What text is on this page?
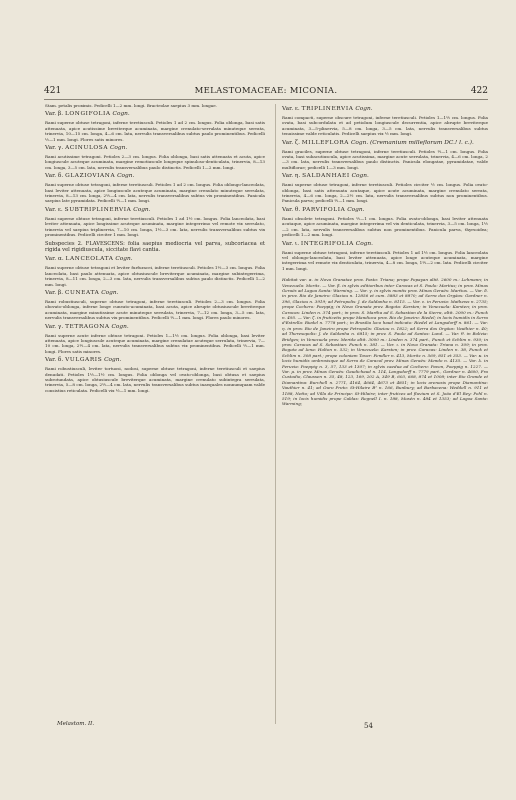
421	MELASTOMACEAE: MICONIA.	422

Stam. petalis proximis. Pedicelli 1—2 mm. longi. Bracteolae saepius 3 mm. longae.

Var. β. LONGIFOLIA Cogn.

Rami superne obtuse tetragoni, inferne teretiusculi. Petioles 1 ad 2 cm. longus. Folia oblonga, basi satis attenuata, apice acutissime breviterque acuminata, margine crenulato-serrulata minuteque serrata, trinervia, 10—15 cm. longa, 4—6 cm. lata, nervulis transversalibus subtus paulo prominentibus. Pedicelli ½—1 mm. longi. Flores satis minores.

Var. γ. ACINULOSA Cogn.

Rami acutissime tetragoni. Petioles 2—3 cm. longus. Folia oblonga, basi satis attenuata et acuta, apice longiuscule acuteque acuminata, margine remotiuscule longeque spinuloso-denticulata, trinervia, 8—13 cm. longa, 3—5 cm. lata, nervulis transversalibus paulo distinctis. Pedicelli 1—2 mm. longi.

Var. δ. GLAZIOVIANA Cogn.

Rami superne obtuse tetragoni, inferne teretiusculi. Petioles 1 ad 2 cm. longus. Folia oblongo-lanceolata, basi leviter attenuata, apice longiuscule acuteque acuminata, margine crenulato minuteque serrulata, trinervia, 8—13 cm. longa, 2½—4 cm. lata, nervulis transversalibus subtus vix prominentibus. Panicula saepius late pyramidata. Pedicelli ½—1 mm. longi.

Var. ε. SUBTRIPLINERVIA Cogn.

Rami superne obtuse tetragoni, inferne teretiusculi. Petioles 1 ad 1½ cm. longus. Folia lanceolata, basi leviter attenuata, apice longissime acuteque acuminata, margine integerrimo vel remote vix serrulato, trinervia vel saepius triplinervia, 7—10 cm. longa, 1½—3 cm. lata, nervulis transversalibus subtus vix prominentibus. Pedicelli circiter 1 mm. longi.

Subspecies 2. FLAVESCENS: folia saepius mediocria vel parva, subcoriacea et rigida vel rigidiuscula, siccitate flavi cantia.

Var. α. LANCEOLATA Cogn.

Rami superne obtuse tetragoni et leviter furfuracei, inferne teretiusculi. Petioles 1½—3 cm. longus. Folia lanceolata, basi paulo attenuata, apice obtusiuscule breviterque acuminata, margine subintegerrima, trinervia, 8—11 cm. longa, 2—3 cm. lata, nervulis transversalibus subtus paulo distinctis. Pedicelli 1—2 mm. longi.

Var. β. CUNEATA Cogn.

Rami robustiusculi, superne obtuse tetragoni, inferne teretiusculi. Petioles 2—3 cm. longus. Folia obovato-oblonga, inferne longe cuneato-acuminata, basi acuta, apice abrupte obtusiuscule breviterque acuminata, margine minutissime acute minuteque serrulata, trinervia, 7—12 cm. longa, 3—5 cm. lata, nervulis transversalibus subtus vix prominentibus. Pedicelli ½—1 mm. longi. Flores paulo minores.

Var. γ. TETRAGONA Cogn.

Rami superne acute inferne obtuse tetragoni. Petioles 1—1½ cm. longus. Folia oblonga, basi leviter attenuata, apice longiuscule acuteque acuminata, margine crenulatae acuteque serrulata, trinervia, 7—10 cm. longa, 2½—4 cm. lata, nervulis transversalibus subtus vix prominentibus. Pedicelli ½—1 mm. longi. Flores satis minores.

Var. δ. VULGARIS Cogn.

Rami robustiusculi, leviter tortuosi, nodosi, superne obtuse tetragoni, inferne teretiusculi et saepius denudati. Petioles 1½—1½ cm. longus. Folia oblonga vel ovato-oblonga, basi obtusa et saepius subrotundata, apice obtusiuscule breviterque acuminata, margine crenulato subintegra serrulata, trinervia, 5—8 cm. longa, 2½—4 cm. lata, nervulis transversalibus subtus inaequales nonnumquam valde consistius reticulata. Pedicelli vix ½—1 mm. longi.

Var. ε. TRIPLINERVIA Cogn.

Rami compacti, superne obscure tetragoni, inferne teretiusculi. Petioles 1—1½ cm. longus. Folia ovata, basi subcordulata et ad petiolum longiuscule decurrentia, apice abrupte breviterque acuminata, 3—5-plinervia, 5—8 cm. longa, 3—5 cm. lata, nervulis transversalibus subtus tenuissime valde reticulatis. Pedicelli saepius vix ½ mm. longi.

Var. ζ. MILLEFLORA Cogn. (Cremanium milleflorum DC.! l. c.).

Rami graciles, superne obtuse tetragoni, inferne teretiusculi. Petioles ½—1 cm. longus. Folia ovata, basi subacutiuscula, apice acutissima, margine acute serrulata, trinervia, 4—6 cm. longa, 2—3 cm. lata, nervulis transversalibus paulo distinctis. Panicula elongatae, pyramidatae, valde multiflorae; pedicelli 1—3 mm. longi.

Var. η. SALDANHAEI Cogn.

Rami superne obtuse tetragoni, inferne teretiusculi. Petioles circiter ½ cm. longus. Folia ovato-oblonga, basi satis attenuata acutaque, apice acute acuminata, margine crenulato serrata, trinervia, 4—6 cm. longa, 2—2½ cm. lata, nervulis transversalibus subtus non prominentibus. Panicula parva; pedicelli ½—1 mm. longi.

Var. θ. PARVIFOLIA Cogn.

Rami obsolete tetragoni. Petioles ½—1 cm. longus. Folia ovato-oblonga, basi leviter attenuata acutaque, apice acuminata, margine integerrima vel vix denticulata, trinervia, 3—5 cm. longa, 1½—2 cm. lata, nervulis transversalibus subtus non prominentibus. Panicula parva, thyrsoidea; pedicelli 1—2 mm. longi.

Var. ι. INTEGRIFOLIA Cogn.

Rami superne obtuse tetragoni, inferne teretiusculi. Petioles 1 ad 1½ cm. longus. Folia lanceolata vel oblongo-lanceolata, basi leviter attenuata, apice longe acuteque acuminata, margine integerrima vel remote vix denticulata, trinervia, 4—8 cm. longa, 1½—2 cm. lata. Pedicelli circiter 1 mm. longi.

Habitat var. α. in Nova Granatae prov. Pasto: Triana; prope Popayan altit. 2600 m.: Lehmann; in Venezuela: Moritz. — Var. β. in sylvis editioribus inter Caracas et S. Paulo: Martius; in prov. Minas Geraës ad Lagoa Santa: Warming. — Var. γ. in sylvis montis prov. Minas Geraës: Martius. — Var. δ. in prov. Rio de Janeiro: Glaziou n. 12856 et cum. 5883 et 8870; ad Serra dos Orgãos: Gardner n. 396, Glaziou n. 3919; ad Petropolis: J. de Saldanha n. 8115. — Var. ε. in Peruvia: Mathews n. 2735; prope Cochero: Poeppig; in Nova Granata prov. Bogota: Karsten; in Venezuela: Karsten; in prov. Caracas: Linden n. 374 part.; in prov. S. Martha ad S. Sebastian de la Sierra, altit. 2000 m.: Funck n. 495. — Var. ζ. in fruticetis prope Mandioca prov. Rio de Janeiro: Riedel; in locis humidis in Serra d'Estrella: Riedel n. 7778 part.; in Brasilia loco haud indicato: Riedel et Langsdorff n. 861. — Var. η. in prov. Rio de Janeiro prope Petropolis: Glaziou n. 1822; ad Serra dos Orgãos: Vauthier n. 40; ad Theresopolis: J. de Saldanha n. 6815; in prov. S. Paulo ad Santos: Lund. — Var. θ. in Bolivia: Bridges; in Venezuela prov. Merida altit. 3000 m.: Linden n. 374 part., Funck et Schlim n. 930; in prov. Caracas ad S. Sebastian: Funck n. 381. — Var. ι. in Nova Granata: Triana n. 309; in prov. Bogota ad Iena: Holton n. 532; in Venezuela: Karsten; in prov. Caracas: Linden n. 38, Funck et Schlim n. 308 part.; prope coloniam Tovar: Fendler n. 413, Moritz n. 569, 851 et 353. — Var. κ. in locis humidis umbrosisque ad Serra de Caracol prov. Minas Geraës: Mendo n. 4135. — Var. λ. in Peruvia: Poeppig n. 3, 57, 133 et 1307; in sylvis caedua ad Cochero: Pavon, Poeppig n. 1227. — Var. μ. in prov. Minas Geraës: Gaudichaud n. 114, Langsdorff n. 7779 part., Gardner n. 4600, Fra Custodio, Claussen n. 35, 48, 123, 169, 202 A, 349 B, 603, 668, 874 et 1008; inter Rio Grande et Diamantina: Burchell n. 2771, 4164, 4664, 4673 et 4851; in locis arenosis prope Diamantina: Vauthier n. 41; ad Ouro Preto: St-Hilaire B¹ n. 166, Bunbury; ad Barbacena: Weddell n. 911 et 1188, Netto; ad Villa de Principe: St-Hilaire; inter frutices ad fluvium et S. João d'El Rey: Pohl n. 519; in locis humidis prope Caldas: Regnell I. n. 188, Mosén n. 484 et 1353; ad Lagoa Santa: Warming;

Melastom. II.	54
